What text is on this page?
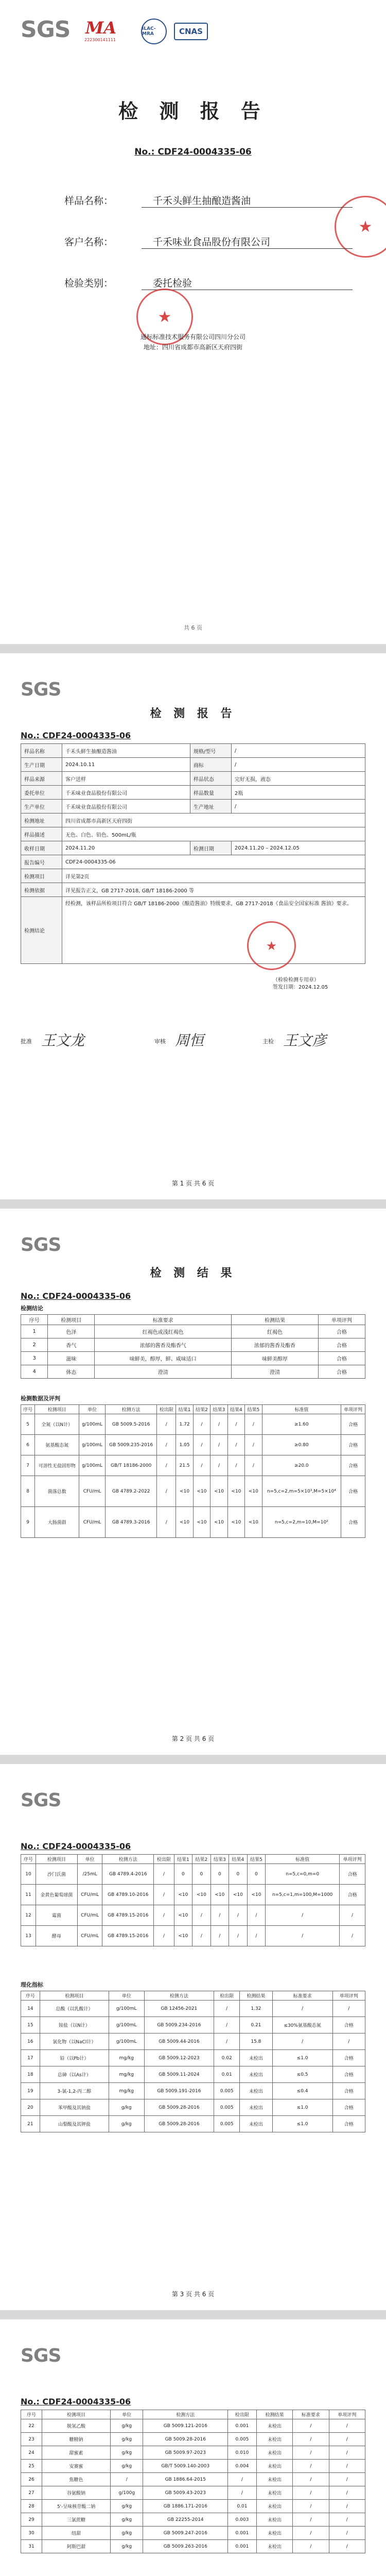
SGS MA
222300141111
ILAC-MRA	CNAS
★
检 测 报 告
No.: CDF24-0004335-06
样品名称：	千禾头鲜生抽酿造酱油
客户名称：	千禾味业食品股份有限公司
检验类别：	委托检验
★
通标标准技术服务有限公司四川分公司
地址：四川省成都市高新区天府四街
共 6 页
SGS
No.: CDF24-0004335-06
检 测 报 告
样品名称	千禾头鲜生抽酿造酱油	规格/型号	/
生产日期	2024.10.11	商标	/
样品来源	客户送样	样品状态	完好无损，液态
委托单位	千禾味业食品股份有限公司	样品数量	2瓶
生产单位	千禾味业食品股份有限公司	生产地址	/
检测地址	四川省成都市高新区天府四街		
样品描述	无色、白色、铅色、500mL/瓶		
收样日期	2024.11.20	检测日期	2024.11.20 – 2024.12.05
报告编号	CDF24-0004335-06		
检测项目	详见第2页		
检测依据	详见报告正文，GB 2717-2018, GB/T 18186-2000 等		
检测结论	经检测，该样品所检项目符合 GB/T 18186-2000《酿造酱油》特级要求，GB 2717-2018《食品安全国家标准 酱油》要求。		
★
（检验检测专用章）
签发日期：2024.12.05
批准 王文龙	审核 周恒	主检 王文彦
第 1 页 共 6 页
SGS
No.: CDF24-0004335-06
检 测 结 果
检测结论
序号	检测项目	标准要求	检测结果	单项评判
1	色泽	红褐色或浅红褐色	红褐色	合格
2	香气	浓郁的酱香及酯香气	浓郁的酱香及酯香	合格
3	滋味	味鲜美，醇厚，鲜、咸味适口	味鲜美醇厚	合格
4	体态	澄清	澄清	合格
检测数据及评判
序号	检测项目	单位	检测方法	检出限	结果1	结果2	结果3	结果4	结果5	标准值	单项评判
5	全氮（以N计）	g/100mL	GB 5009.5-2016	/	1.72	/	/	/	/	≥1.60	合格
6	氨基酸态氮	g/100mL	GB 5009.235-2016	/	1.05	/	/	/	/	≥0.80	合格
7	可溶性无盐固形物	g/100mL	GB/T 18186-2000	/	21.5	/	/	/	/	≥20.0	合格
8	菌落总数	CFU/mL	GB 4789.2-2022	/	<10	<10	<10	<10	<10	n=5,c=2,m=5×10³,M=5×10⁴	合格
9	大肠菌群	CFU/mL	GB 4789.3-2016	/	<10	<10	<10	<10	<10	n=5,c=2,m=10,M=10²	合格
第 2 页 共 6 页
SGS
No.: CDF24-0004335-06
序号	检测项目	单位	检测方法	检出限	结果1	结果2	结果3	结果4	结果5	标准值	单项评判
10	沙门氏菌	/25mL	GB 4789.4-2016	/	0	0	0	0	0	n=5,c=0,m=0	合格
11	金黄色葡萄球菌	CFU/mL	GB 4789.10-2016	/	<10	<10	<10	<10	<10	n=5,c=1,m=100,M=1000	合格
12	霉菌	CFU/mL	GB 4789.15-2016	/	<10	/	/	/	/	/	/
13	酵母	CFU/mL	GB 4789.15-2016	/	<10	/	/	/	/	/	/
理化指标
序号	检测项目	单位	检测方法	检出限	检测结果	标准要求	单项评判
14	总酸（以乳酸计）	g/100mL	GB 12456-2021	/	1.32	/	/
15	铵盐（以N计）	g/100mL	GB 5009.234-2016	/	0.21	≤30%氨基酸态氮	合格
16	氯化物（以NaCl计）	g/100mL	GB 5009.44-2016	/	15.8	/	/
17	铅（以Pb计）	mg/kg	GB 5009.12-2023	0.02	未检出	≤1.0	合格
18	总砷（以As计）	mg/kg	GB 5009.11-2024	0.01	未检出	≤0.5	合格
19	3-氯-1,2-丙二醇	mg/kg	GB 5009.191-2016	0.005	未检出	≤0.4	合格
20	苯甲酸及其钠盐	g/kg	GB 5009.28-2016	0.005	未检出	≤1.0	合格
21	山梨酸及其钾盐	g/kg	GB 5009.28-2016	0.005	未检出	≤1.0	合格
第 3 页 共 6 页
SGS
No.: CDF24-0004335-06
序号	检测项目	单位	检测方法	检出限	检测结果	标准要求	单项评判
22	脱氢乙酸	g/kg	GB 5009.121-2016	0.001	未检出	/	/
23	糖精钠	g/kg	GB 5009.28-2016	0.005	未检出	/	/
24	甜蜜素	g/kg	GB 5009.97-2023	0.010	未检出	/	/
25	安赛蜜	g/kg	GB/T 5009.140-2003	0.004	未检出	/	/
26	焦糖色	/	GB 1886.64-2015	/	未检出	/	/
27	谷氨酸钠	g/100g	GB 5009.43-2023	/	未检出	/	/
28	5'-呈味核苷酸二钠	g/kg	GB 1886.171-2016	0.01	未检出	/	/
29	三氯蔗糖	g/kg	GB 22255-2014	0.003	未检出	/	/
30	纽甜	g/kg	GB 5009.247-2016	0.001	未检出	/	/
31	阿斯巴甜	g/kg	GB 5009.263-2016	0.001	未检出	/	/
